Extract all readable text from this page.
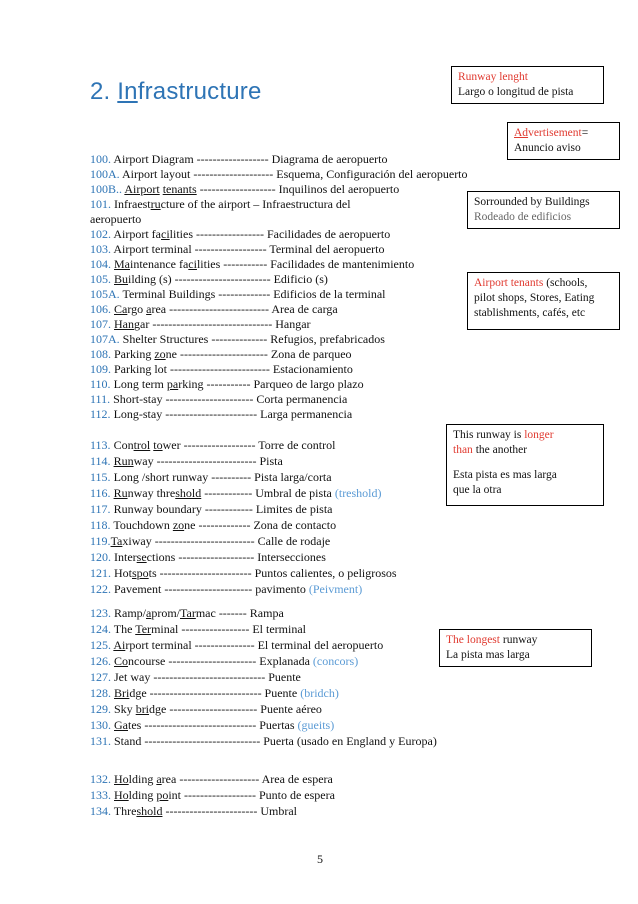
2. Infrastructure
100. Airport Diagram ------------------ Diagrama de aeropuerto
100A. Airport layout -------------------- Esquema, Configuración del aeropuerto
100B.. Airport tenants ------------------- Inquilinos del aeropuerto
101. Infraestructure of the airport – Infraestructura del
aeropuerto
102. Airport facilities ----------------- Facilidades de aeropuerto
103. Airport terminal ------------------ Terminal del aeropuerto
104. Maintenance facilities ----------- Facilidades de mantenimiento
105. Building (s) ------------------------ Edificio (s)
105A. Terminal Buildings ------------- Edificios de la terminal
106. Cargo area ------------------------- Area de carga
107. Hangar ------------------------------ Hangar
107A. Shelter Structures -------------- Refugios, prefabricados
108. Parking zone ---------------------- Zona de parqueo
109. Parking lot ------------------------- Estacionamiento
110. Long term parking ----------- Parqueo de largo plazo
111. Short-stay ---------------------- Corta permanencia
112. Long-stay ----------------------- Larga permanencia
113. Control tower ------------------ Torre de control
114. Runway ------------------------- Pista
115. Long /short runway ---------- Pista larga/corta
116. Runway threshold ------------ Umbral de pista (treshold)
117. Runway boundary ------------ Limites de pista
118. Touchdown zone ------------- Zona de contacto
119.Taxiway ------------------------- Calle de rodaje
120. Intersections ------------------- Intersecciones
121. Hotspots ----------------------- Puntos calientes, o peligrosos
122. Pavement ---------------------- pavimento (Peivment)
123. Ramp/aprom/Tarmac ------- Rampa
124. The Terminal ----------------- El terminal
125. Airport terminal --------------- El terminal del aeropuerto
126. Concourse ---------------------- Explanada (concors)
127. Jet way ---------------------------- Puente
128. Bridge ---------------------------- Puente (bridch)
129. Sky bridge ---------------------- Puente aéreo
130. Gates ---------------------------- Puertas (gueits)
131. Stand ----------------------------- Puerta (usado en England y Europa)
132. Holding area -------------------- Area de espera
133. Holding point ------------------ Punto de espera
134. Threshold ----------------------- Umbral
Runway lenght
Largo o longitud de pista
Advertisement=
Anuncio aviso
Sorrounded by Buildings
Rodeado de edificios
Airport tenants (schools,
pilot shops, Stores, Eating
stablishments, cafés, etc
This runway is longer
than the another
Esta pista es mas larga
que la otra
The longest runway
La pista mas larga
5
